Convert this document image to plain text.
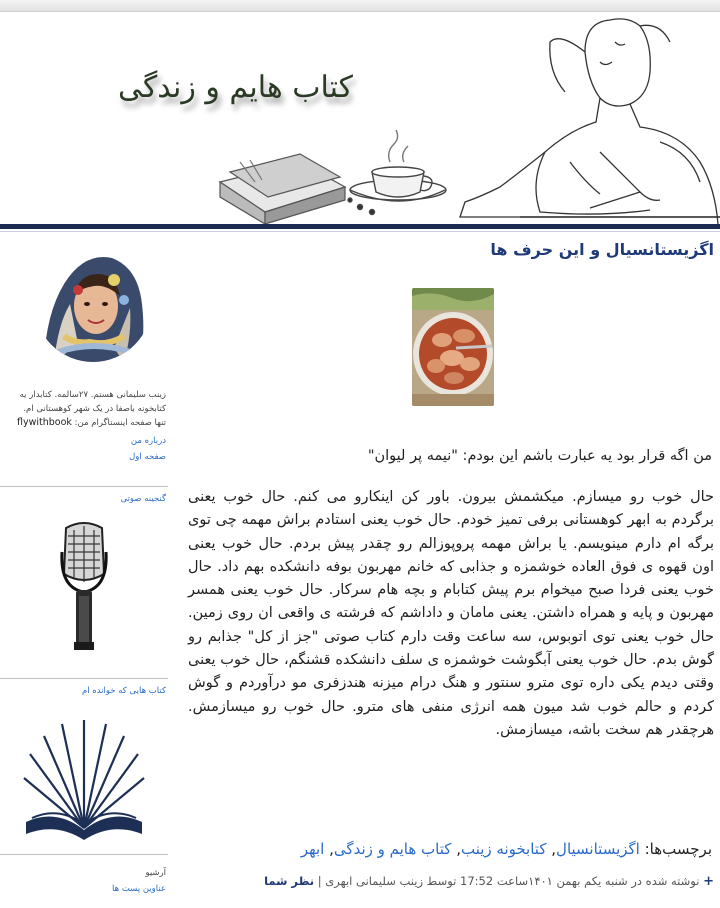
کتاب هایم و زندگی
اگزیستانسیال و این حرف ها
من اگه قرار بود یه عبارت باشم این بودم: "نیمه پر لیوان"
حال خوب رو میسازم. میکشمش بیرون. باور کن اینکارو می کنم. حال خوب یعنی برگردم به ابهر کوهستانی برفی تمیز خودم. حال خوب یعنی استادم براش مهمه چی توی برگه ام دارم مینویسم. یا براش مهمه پروپوزالم رو چقدر پیش بردم. حال خوب یعنی اون قهوه ی فوق العاده خوشمزه و جذابی که خانم مهربون بوفه دانشکده بهم داد. حال خوب یعنی فردا صبح میخوام برم پیش کتابام و بچه هام سرکار. حال خوب یعنی همسر مهربون و پایه و همراه داشتن. یعنی مامان و داداشم که فرشته ی واقعی ان روی زمین. حال خوب یعنی توی اتوبوس، سه ساعت وقت دارم کتاب صوتی "جز از کل" جذابم رو گوش بدم. حال خوب یعنی آبگوشت خوشمزه ی سلف دانشکده قشنگم، حال خوب یعنی وقتی دیدم یکی داره توی مترو سنتور و هنگ درام میزنه هندزفری مو درآوردم و گوش کردم و حالم خوب شد میون همه انرژی منفی های مترو. حال خوب رو میسازمش. هرچقدر هم سخت باشه، میسازمش.
برچسب‌ها: اگزیستانسیال, کتابخونه زینب, کتاب هایم و زندگی, ابهر
+ نوشته شده در شنبه یکم بهمن ۱۴۰۱ساعت 17:52 توسط زینب سلیمانی ابهری | نظر شما
زینب سلیمانی هستم. ۲۷سالمه. کتابدار یه
کتابخونه باصفا در یک شهر کوهستانی ام.
تنها صفحه اینستاگرام من: flywithbook
درباره من
صفحه اول
گنجینه صوتی
کتاب هایی که خوانده ام
آرشیو
عناوین پست ها
